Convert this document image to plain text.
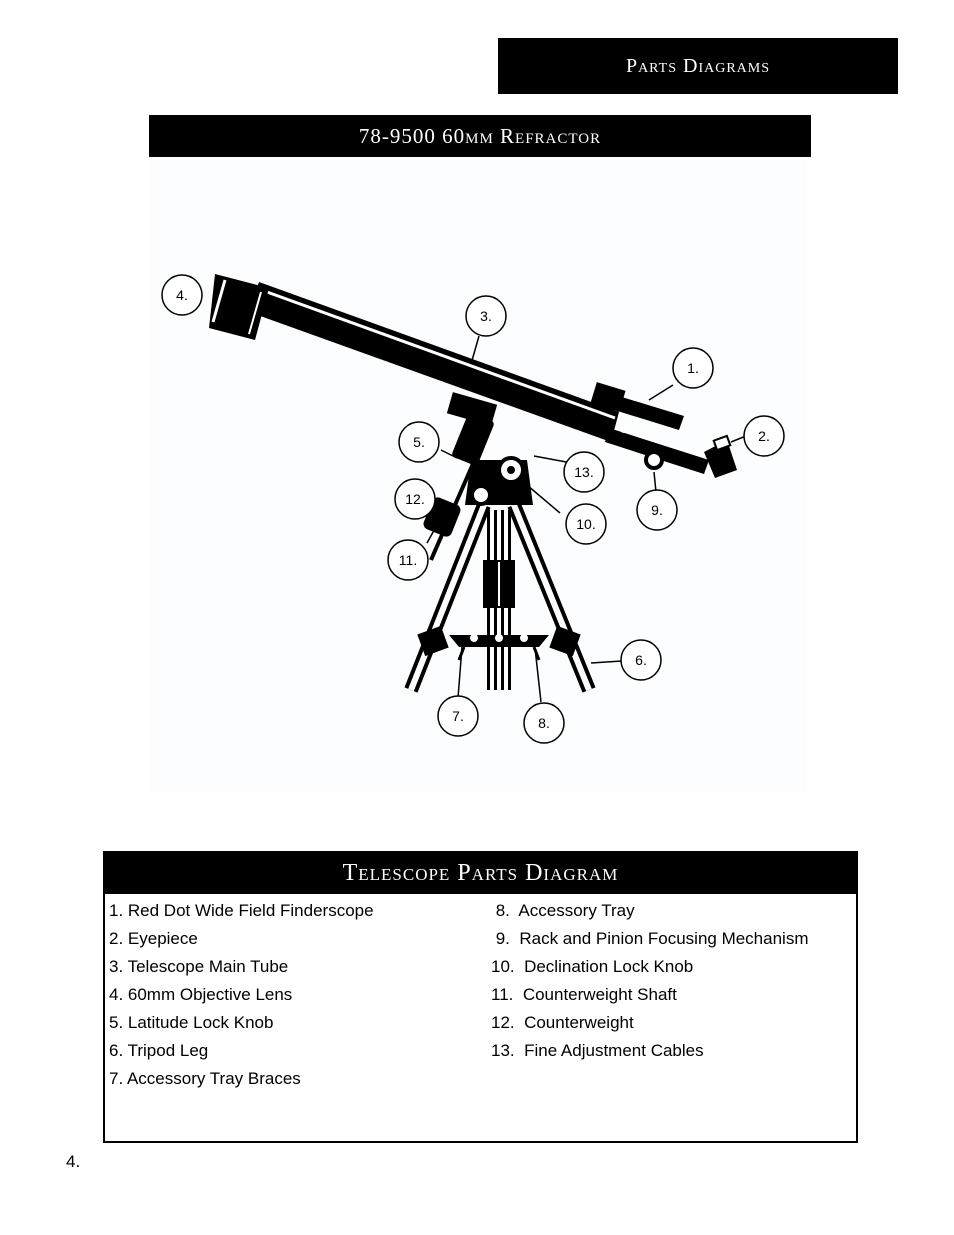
Parts Diagrams
78-9500 60mm Refractor
1.
2.
3.
4.
5.
6.
7.	8.
9.
10.
11.
12.
13.
Telescope Parts Diagram
1. Red Dot Wide Field Finderscope
2. Eyepiece
3. Telescope Main Tube
4. 60mm Objective Lens
5. Latitude Lock Knob
6. Tripod Leg
7. Accessory Tray Braces
8.  Accessory Tray
9.  Rack and Pinion Focusing Mechanism
10.  Declination Lock Knob
11.  Counterweight Shaft
12.  Counterweight
13.  Fine Adjustment Cables
4.
